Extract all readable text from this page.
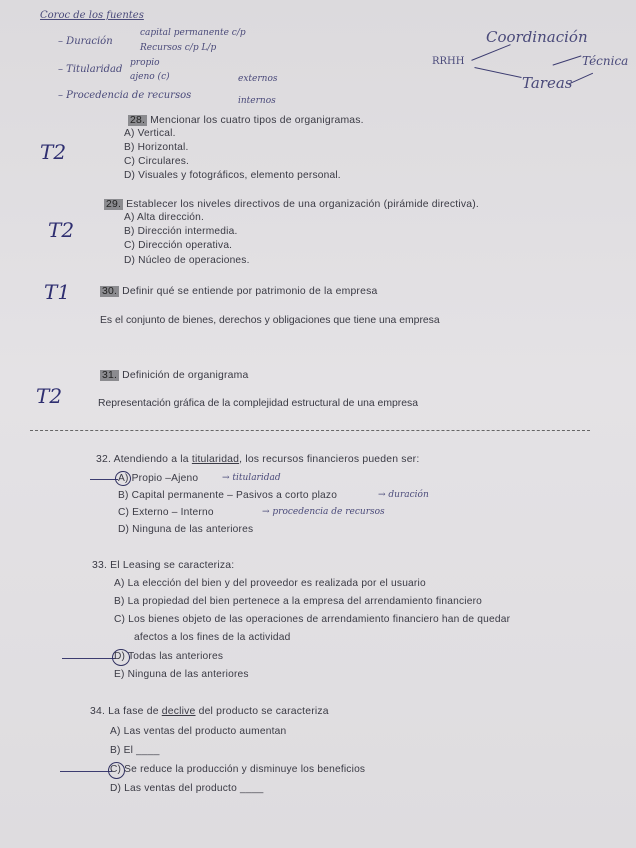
Coroc de los fuentes
– Duración
capital permanente c/p
Recursos c/p L/p
propio
– Titularidad
ajeno (c)	externos
– Procedencia de recursos	internos
Coordinación
RRHH	Técnica
Tareas
T2
28. Mencionar los cuatro tipos de organigramas.
A) Vertical.
B) Horizontal.
C) Circulares.
D) Visuales y fotográficos, elemento personal.
T2
29. Establecer los niveles directivos de una organización (pirámide directiva).
A) Alta dirección.
B) Dirección intermedia.
C) Dirección operativa.
D) Núcleo de operaciones.
T1	30. Definir qué se entiende por patrimonio de la empresa
Es el conjunto de bienes, derechos y obligaciones que tiene una empresa
T2
31. Definición de organigrama
Representación gráfica de la complejidad estructural de una empresa
32. Atendiendo a la titularidad, los recursos financieros pueden ser:
A) Propio –Ajeno	→ titularidad
B) Capital permanente – Pasivos a corto plazo	→ duración
C) Externo – Interno	→ procedencia de recursos
D) Ninguna de las anteriores
33. El Leasing se caracteriza:
A) La elección del bien y del proveedor es realizada por el usuario
B) La propiedad del bien pertenece a la empresa del arrendamiento financiero
C) Los bienes objeto de las operaciones de arrendamiento financiero han de quedar
afectos a los fines de la actividad
D) Todas las anteriores
E) Ninguna de las anteriores
34. La fase de declive del producto se caracteriza
A) Las ventas del producto aumentan
B) El ____
C) Se reduce la producción y disminuye los beneficios
D) Las ventas del producto ____
